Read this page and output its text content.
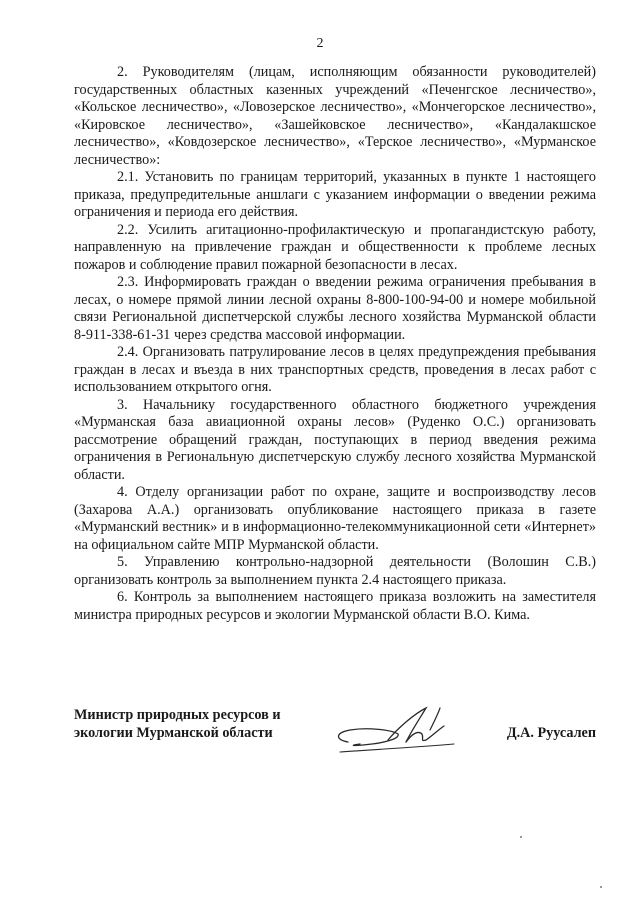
2

2. Руководителям (лицам, исполняющим обязанности руководителей) государственных областных казенных учреждений «Печенгское лесничество», «Кольское лесничество», «Ловозерское лесничество», «Мончегорское лесничество», «Кировское лесничество», «Зашейковское лесничество», «Кандалакшское лесничество», «Ковдозерское лесничество», «Терское лесничество», «Мурманское лесничество»:

2.1. Установить по границам территорий, указанных в пункте 1 настоящего приказа, предупредительные аншлаги с указанием информации о введении режима ограничения и периода его действия.

2.2. Усилить агитационно-профилактическую и пропагандистскую работу, направленную на привлечение граждан и общественности к проблеме лесных пожаров и соблюдение правил пожарной безопасности в лесах.

2.3. Информировать граждан о введении режима ограничения пребывания в лесах, о номере прямой линии лесной охраны 8-800-100-94-00 и номере мобильной связи Региональной диспетчерской службы лесного хозяйства Мурманской области 8-911-338-61-31 через средства массовой информации.

2.4. Организовать патрулирование лесов в целях предупреждения пребывания граждан в лесах и въезда в них транспортных средств, проведения в лесах работ с использованием открытого огня.

3. Начальнику государственного областного бюджетного учреждения «Мурманская база авиационной охраны лесов» (Руденко О.С.) организовать рассмотрение обращений граждан, поступающих в период введения режима ограничения в Региональную диспетчерскую службу лесного хозяйства Мурманской области.

4. Отделу организации работ по охране, защите и воспроизводству лесов (Захарова А.А.) организовать опубликование настоящего приказа в газете «Мурманский вестник» и в информационно-телекоммуникационной сети «Интернет» на официальном сайте МПР Мурманской области.

5. Управлению контрольно-надзорной деятельности (Волошин С.В.) организовать контроль за выполнением пункта 2.4 настоящего приказа.

6. Контроль за выполнением настоящего приказа возложить на заместителя министра природных ресурсов и экологии Мурманской области В.О. Кима.

Министр природных ресурсов и
экологии Мурманской области	Д.А. Руусалеп
